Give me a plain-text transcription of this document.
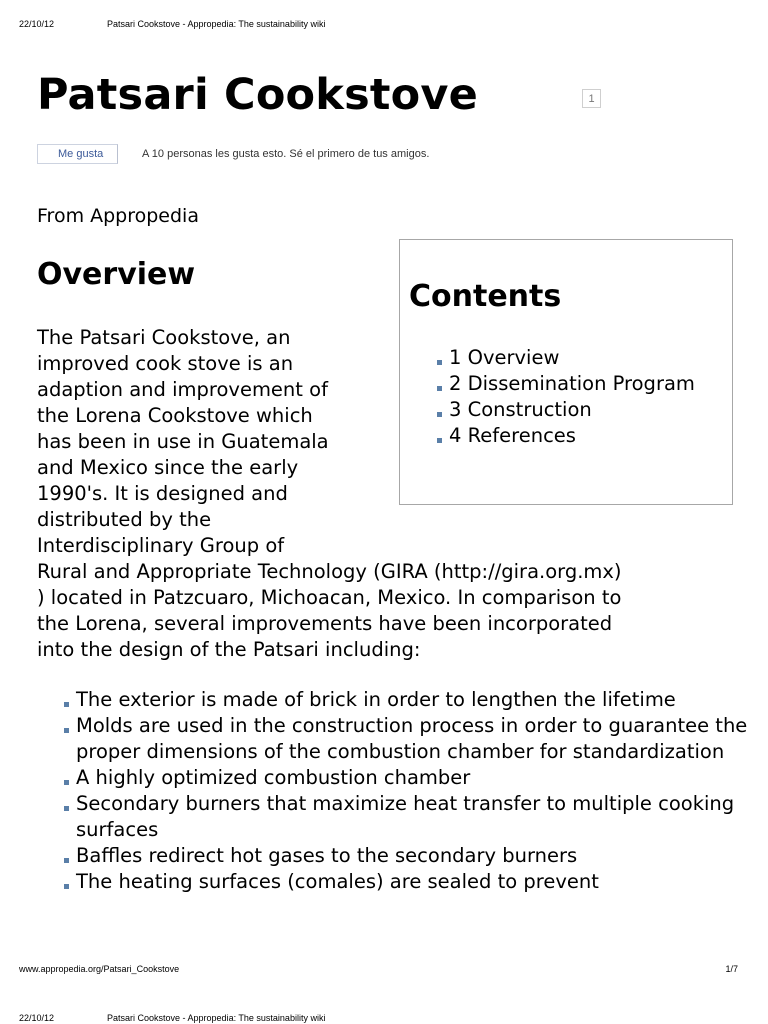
22/10/12	Patsari Cookstove - Appropedia: The sustainability wiki
Patsari Cookstove	1
Me gusta	A 10 personas les gusta esto. Sé el primero de tus amigos.
From Appropedia
Overview
Contents
1 Overview
2 Dissemination Program
3 Construction
4 References

The Patsari Cookstove, an
improved cook stove is an
adaption and improvement of
the Lorena Cookstove which
has been in use in Guatemala
and Mexico since the early
1990's. It is designed and
distributed by the
Interdisciplinary Group of
Rural and Appropriate Technology (GIRA (http://gira.org.mx)
) located in Patzcuaro, Michoacan, Mexico. In comparison to
the Lorena, several improvements have been incorporated
into the design of the Patsari including:

The exterior is made of brick in order to lengthen the lifetime
Molds are used in the construction process in order to guarantee the proper dimensions of the combustion chamber for standardization
A highly optimized combustion chamber
Secondary burners that maximize heat transfer to multiple cooking surfaces
Baffles redirect hot gases to the secondary burners
The heating surfaces (comales) are sealed to prevent
www.appropedia.org/Patsari_Cookstove	1/7
22/10/12	Patsari Cookstove - Appropedia: The sustainability wiki
